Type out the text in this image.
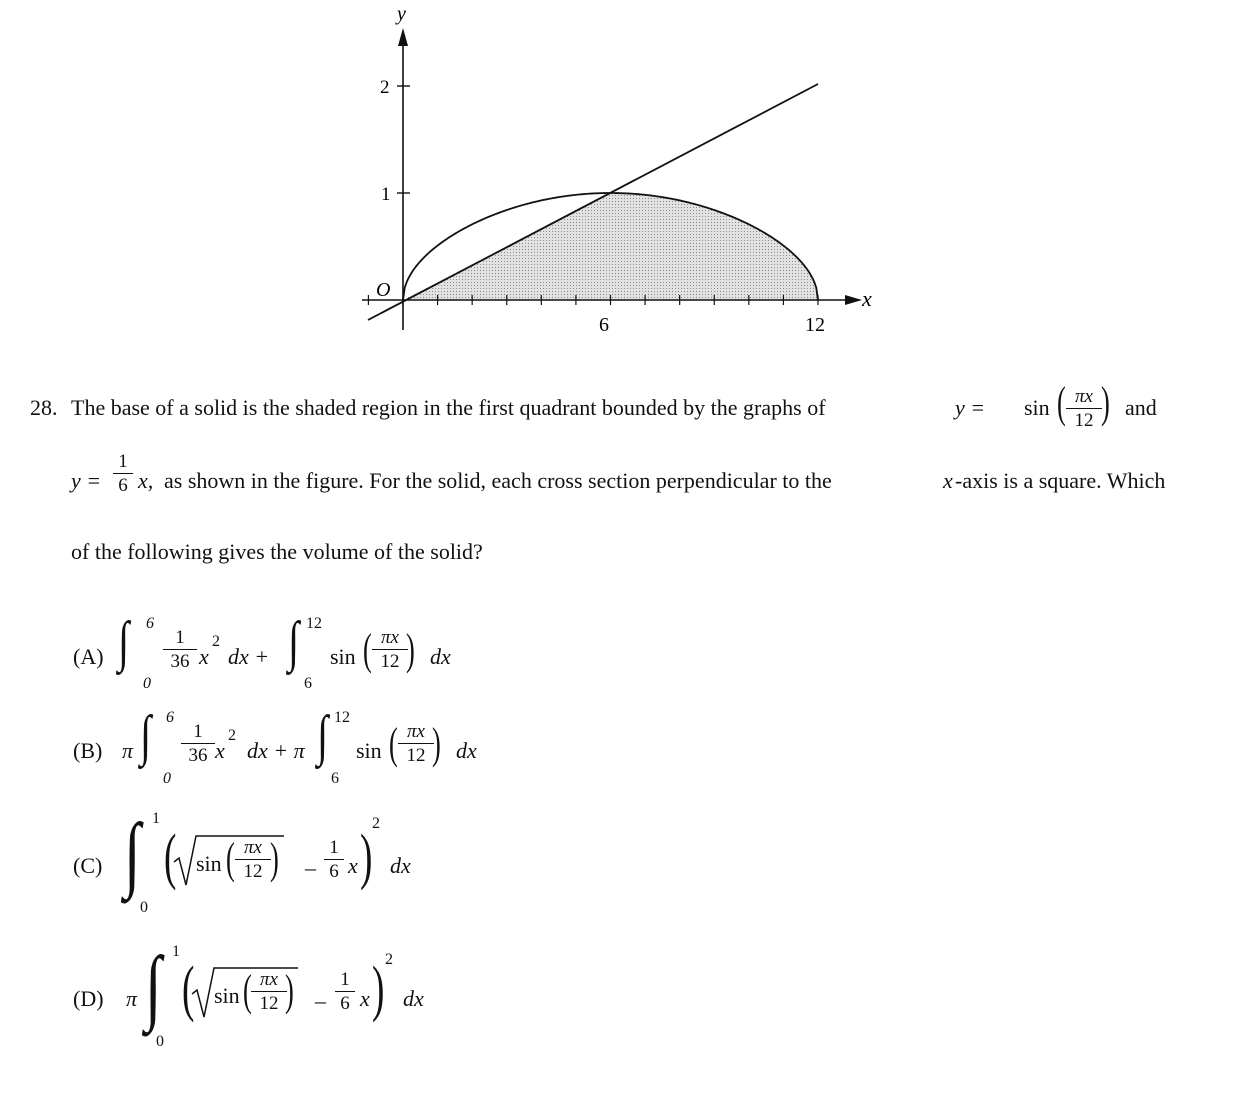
y
x
O
1
2
6	12
28. The base of a solid is the shaded region in the first quadrant bounded by the graphs of	y = sin ( πx
12 ) and
y =
1
6 x, as shown in the figure. For the solid, each cross section perpendicular to the	x -axis is a square. Which
of the following gives the volume of the solid?
(A) ∫ 6
0
1
36 x
2
dx + ∫ 12
6
sin ( πx
12 ) dx
(B) π ∫ 6
0
1
36 x
2
dx + π ∫ 12
6
sin ( πx
12 ) dx
(C) ∫ 1
0
( sin ( πx
12 ) –
1
6 x ) 2
dx
(D) π ∫ 1
0
( sin ( πx
12 ) –
1
6 x ) 2
dx
